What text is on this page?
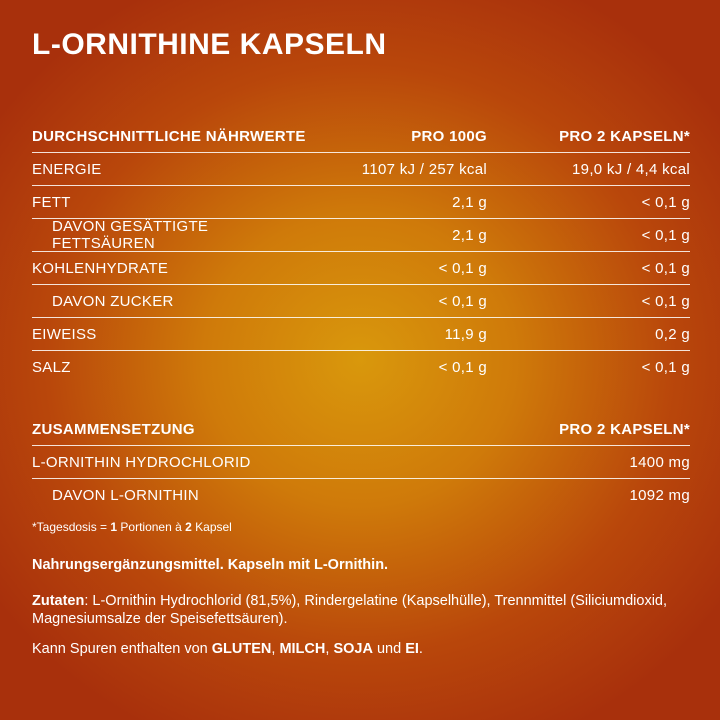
L-ORNITHINE KAPSELN
DURCHSCHNITTLICHE NÄHRWERTE	PRO 100G	PRO 2 KAPSELN*
ENERGIE	1107 kJ / 257 kcal	19,0 kJ / 4,4 kcal
FETT	2,1 g	< 0,1 g
DAVON GESÄTTIGTE FETTSÄUREN	2,1 g	< 0,1 g
KOHLENHYDRATE	< 0,1 g	< 0,1 g
DAVON ZUCKER	< 0,1 g	< 0,1 g
EIWEISS	11,9 g	0,2 g
SALZ	< 0,1 g	< 0,1 g
ZUSAMMENSETZUNG	PRO 2 KAPSELN*
L-ORNITHIN HYDROCHLORID	1400 mg
DAVON L-ORNITHIN	1092 mg
*Tagesdosis = 1 Portionen à 2 Kapsel
Nahrungsergänzungsmittel. Kapseln mit L-Ornithin.
Zutaten: L-Ornithin Hydrochlorid (81,5%), Rindergelatine (Kapselhülle), Trennmittel (Siliciumdioxid, Magnesiumsalze der Speisefettsäuren).
Kann Spuren enthalten von GLUTEN, MILCH, SOJA und EI.
